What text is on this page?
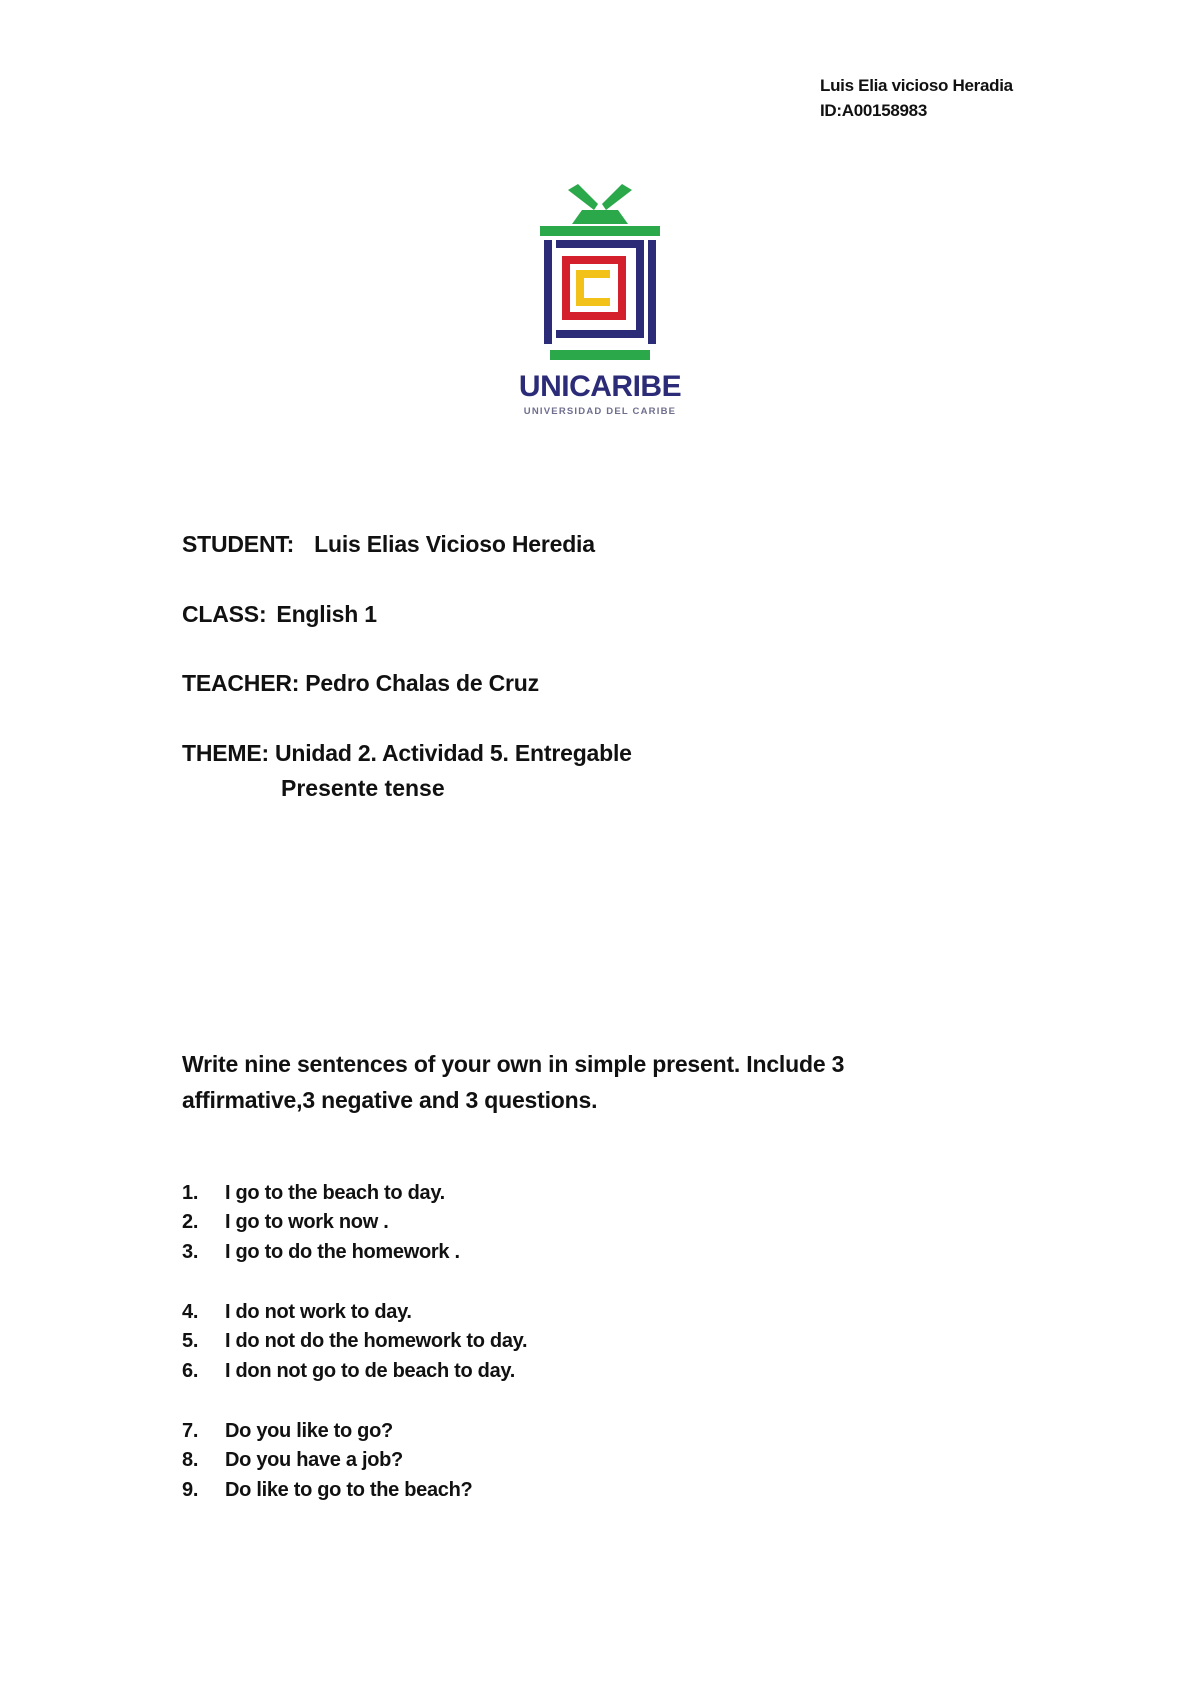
Luis Elia vicioso Heradia
ID:A00158983
UNICARIBE
UNIVERSIDAD DEL CARIBE
STUDENT: Luis Elias Vicioso Heredia
CLASS: English 1
TEACHER: Pedro Chalas de Cruz
THEME: Unidad 2. Actividad 5. Entregable
Presente tense
Write nine sentences of your own in simple present. Include 3 affirmative,3 negative and 3 questions.
1. I go to the beach to day.
2. I go to work now .
3. I go to do the homework .
4. I do not work to day.
5. I do not do the homework to day.
6. I don not go to de beach to day.
7. Do you like to go?
8. Do you have a job?
9. Do like to go to the beach?
